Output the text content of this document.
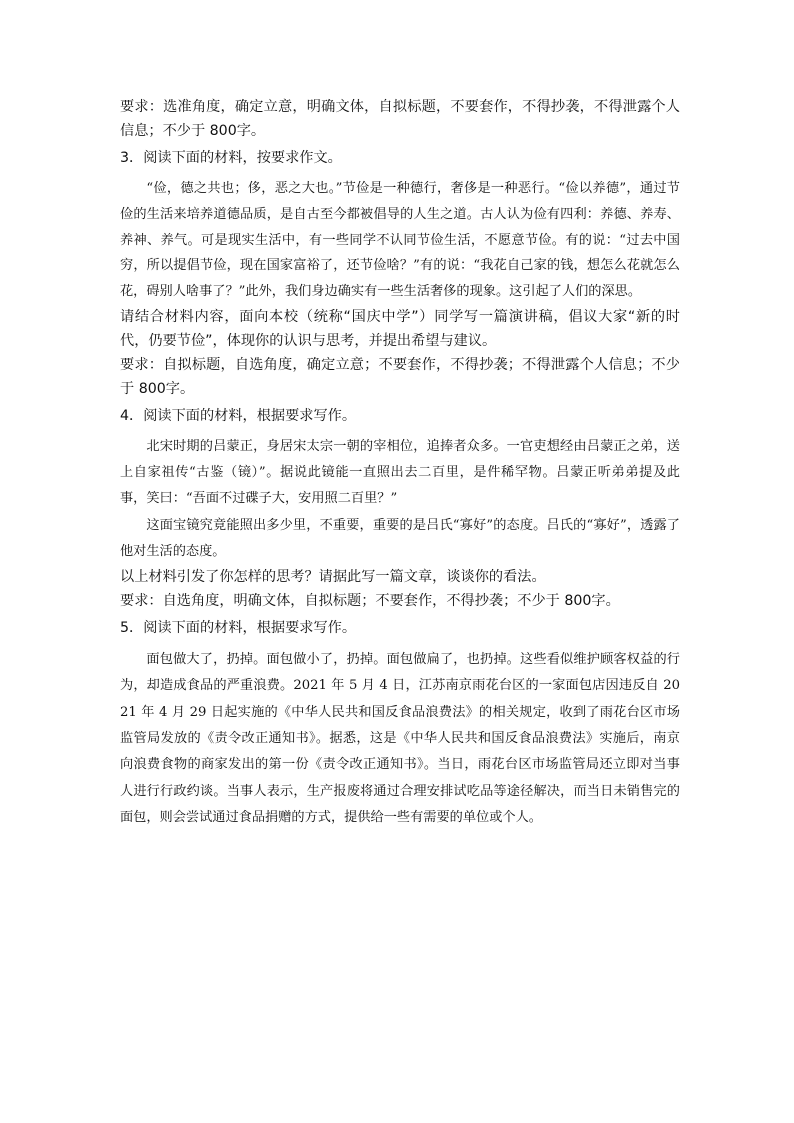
要求：选准角度，确定立意，明确文体，自拟标题，不要套作，不得抄袭，不得泄露个人信息；不少于 800字。

3．阅读下面的材料，按要求作文。

“俭，德之共也；侈，恶之大也。”节俭是一种德行，奢侈是一种恶行。“俭以养德”，通过节俭的生活来培养道德品质，是自古至今都被倡导的人生之道。古人认为俭有四利：养德、养寿、养神、养气。可是现实生活中，有一些同学不认同节俭生活，不愿意节俭。有的说：“过去中国穷，所以提倡节俭，现在国家富裕了，还节俭啥？”有的说：“我花自己家的钱，想怎么花就怎么花，碍别人啥事了？”此外，我们身边确实有一些生活奢侈的现象。这引起了人们的深思。

请结合材料内容，面向本校（统称“国庆中学”）同学写一篇演讲稿，倡议大家“新的时代，仍要节俭”，体现你的认识与思考，并提出希望与建议。

要求：自拟标题，自选角度，确定立意；不要套作，不得抄袭；不得泄露个人信息；不少于 800字。

4．阅读下面的材料，根据要求写作。

北宋时期的吕蒙正，身居宋太宗一朝的宰相位，追捧者众多。一官吏想经由吕蒙正之弟，送上自家祖传“古鉴（镜）”。据说此镜能一直照出去二百里，是件稀罕物。吕蒙正听弟弟提及此事，笑曰：“吾面不过碟子大，安用照二百里？”

这面宝镜究竟能照出多少里，不重要，重要的是吕氏“寡好”的态度。吕氏的“寡好”，透露了他对生活的态度。

以上材料引发了你怎样的思考？请据此写一篇文章，谈谈你的看法。

要求：自选角度，明确文体，自拟标题；不要套作，不得抄袭；不少于 800字。

5．阅读下面的材料，根据要求写作。

面包做大了，扔掉。面包做小了，扔掉。面包做扁了，也扔掉。这些看似维护顾客权益的行为，却造成食品的严重浪费。2021 年 5 月 4 日，江苏南京雨花台区的一家面包店因违反自 2021 年 4 月 29 日起实施的《中华人民共和国反食品浪费法》的相关规定，收到了雨花台区市场监管局发放的《责令改正通知书》。据悉，这是《中华人民共和国反食品浪费法》实施后，南京向浪费食物的商家发出的第一份《责令改正通知书》。当日，雨花台区市场监管局还立即对当事人进行行政约谈。当事人表示，生产报废将通过合理安排试吃品等途径解决，而当日未销售完的面包，则会尝试通过食品捐赠的方式，提供给一些有需要的单位或个人。
